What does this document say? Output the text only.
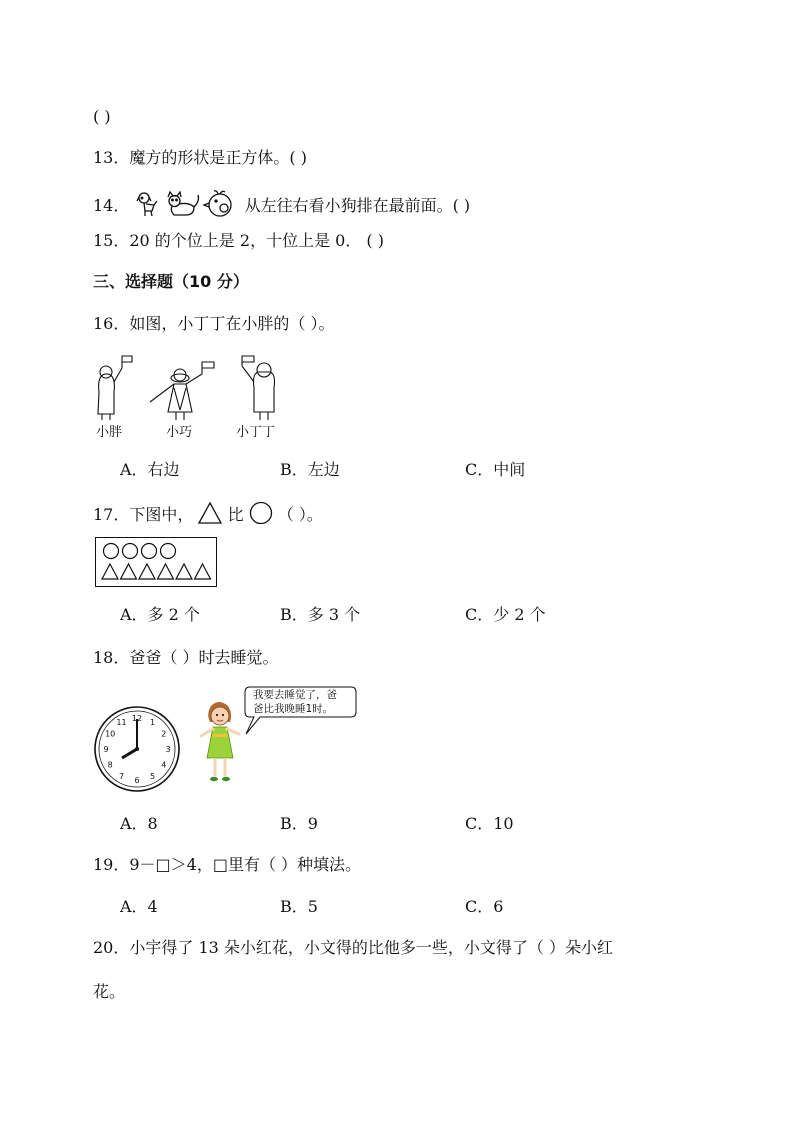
( )
13．魔方的形状是正方体。( )
14．	从左往右看小狗排在最前面。( )
15．20 的个位上是 2，十位上是 0． ( )
三、选择题（10 分）
16．如图，小丁丁在小胖的（ ）。
小胖	小巧	小丁丁
A．右边	B．左边	C．中间
17．下图中， 比 （ ）。
A．多 2 个	B．多 3 个	C．少 2 个
18．爸爸（ ）时去睡觉。
12 1
2
3
4
5
6
7
8
9
10
11
我要去睡觉了，爸
爸比我晚睡1时。
A．8	B．9	C．10
19．9－□＞4，□里有（ ）种填法。
A．4	B．5	C．6
20．小宇得了 13 朵小红花，小文得的比他多一些，小文得了（ ）朵小红
花。
